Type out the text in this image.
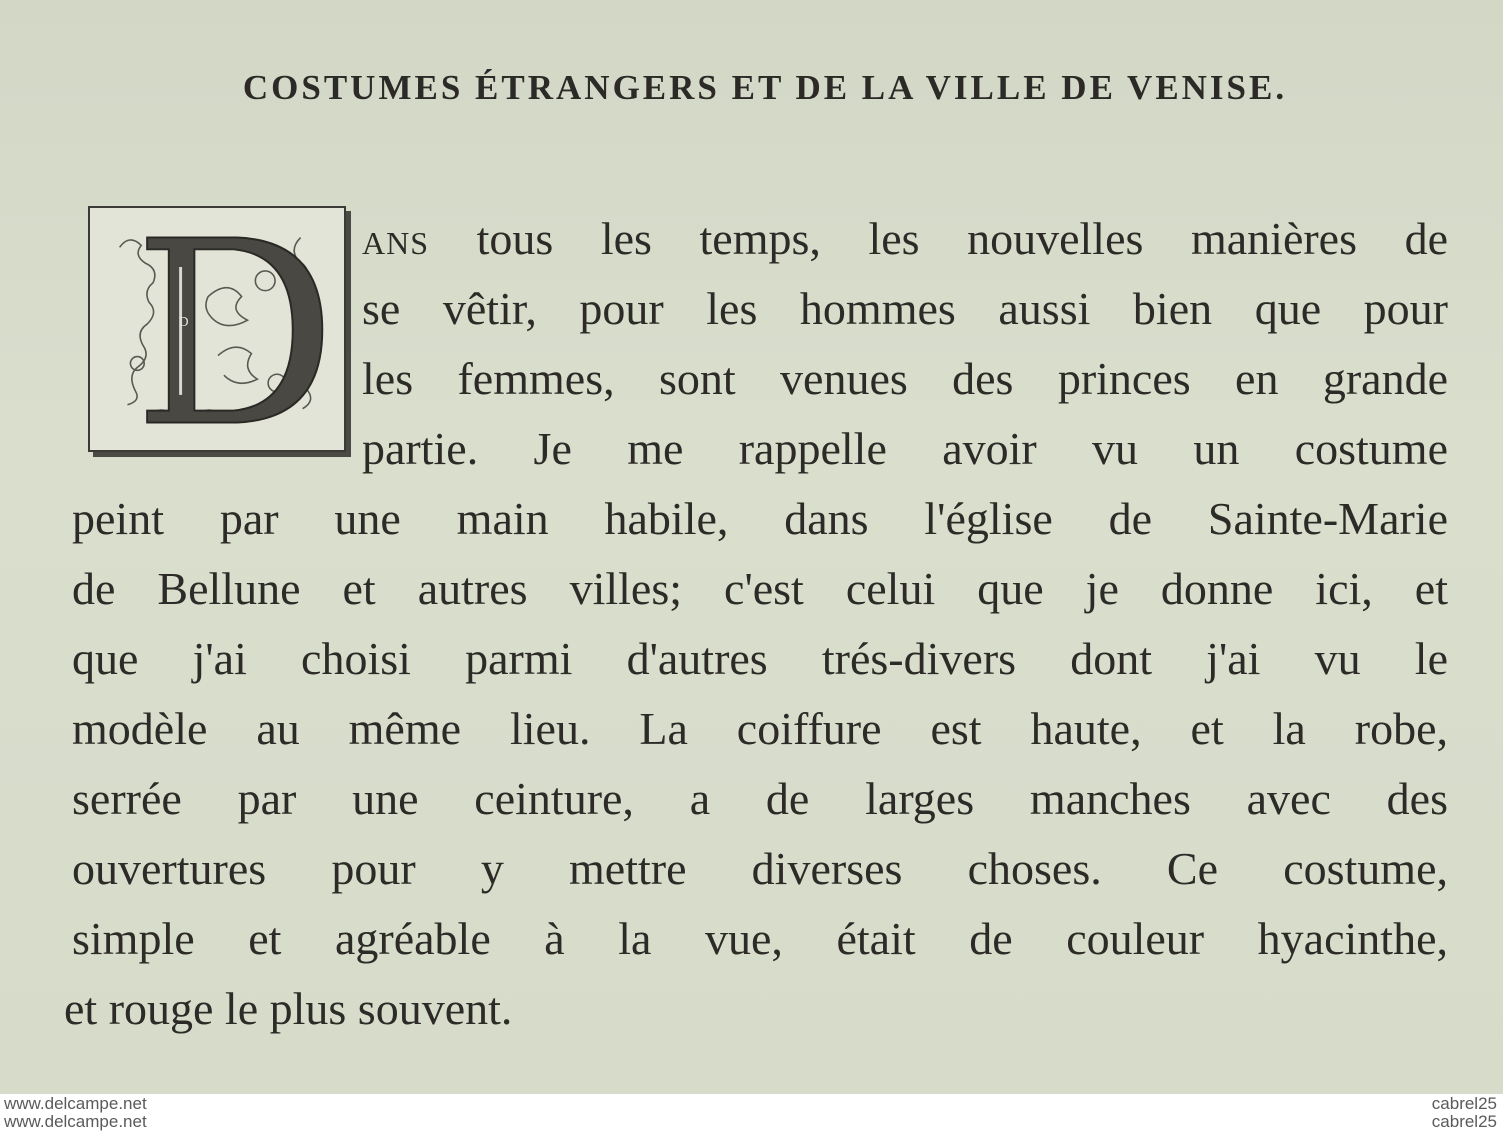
COSTUMES ÉTRANGERS ET DE LA VILLE DE VENISE.
D
ans tous les temps, les nouvelles manières de
se vêtir, pour les hommes aussi bien que pour
les femmes, sont venues des princes en grande
partie. Je me rappelle avoir vu un costume
peint par une main habile, dans l'église de Sainte-Marie
de Bellune et autres villes; c'est celui que je donne ici, et
que j'ai choisi parmi d'autres trés-divers dont j'ai vu le
modèle au même lieu. La coiffure est haute, et la robe,
serrée par une ceinture, a de larges manches avec des
ouvertures pour y mettre diverses choses. Ce costume,
simple et agréable à la vue, était de couleur hyacinthe,
et rouge le plus souvent.
www.delcampe.net
www.delcampe.net
cabrel25
cabrel25
